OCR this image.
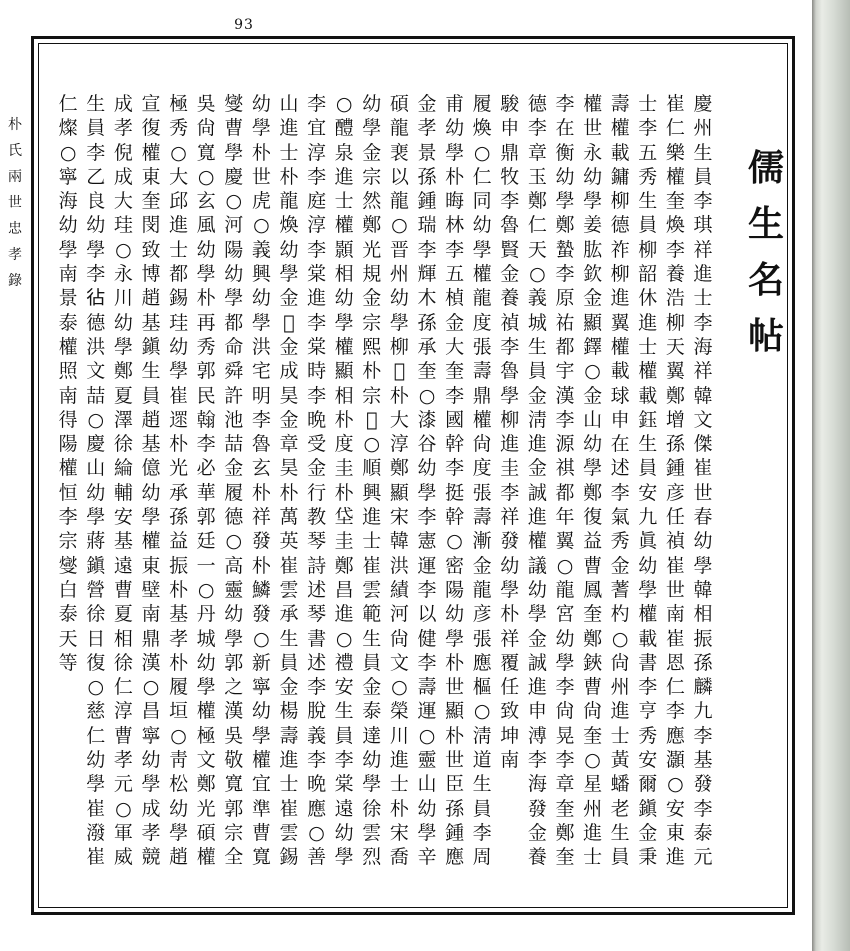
93
朴
氏
兩
世
忠
孝
錄
儒
生
名
帖
慶
州
生
員
李
琪
祥
進
士
李
海
祥
韓
文
傑
崔
世
春
幼
學
韓
相
振
孫
麟
九
李
基
發
李
泰
元
崔
仁
樂
權
奎
煥
李
養
浩
柳
天
翼
鄭
增
孫
鍾
彦
任
禎
崔
世
南
崔
恩
仁
李
應
灝
○
安
東
進
士
李
五
秀
生
員
柳
韶
休
進
士
權
載
鈺
生
員
安
九
眞
幼
學
權
載
書
李
亨
秀
安
爾
鎭
金
秉
壽
權
載
鏞
柳
德
祚
柳
進
翼
權
載
球
申
在
述
李
氣
秀
金
蓍
杓
○
尙
州
進
士
黃
蟠
老
生
員
權
世
永
幼
學
姜
肱
欽
金
顯
鐸
○
金
山
幼
學
鄭
復
益
曹
鳳
奎
鄭
鋏
曹
尙
奎
○
星
州
進
士
李
在
衡
幼
學
鄭
蟄
李
原
祐
都
宇
漢
李
源
祺
都
年
翼
○
龍
宮
幼
學
李
尙
晃
李
章
奎
鄭
奎
德
李
章
玉
鄭
仁
天
○
義
城
生
員
金
淸
進
金
誠
進
權
議
幼
學
金
誠
進
申
溥
李
海
發
金
養
駿
申
鼎
牧
李
魯
賢
金
養
禎
李
魯
學
柳
進
圭
李
祥
發
幼
學
朴
祥
覆
任
致
坤
南
履
煥
○
仁
同
幼
學
權
龍
度
張
壽
鼎
權
尙
度
張
壽
漸
金
龍
彦
張
應
樞
○
淸
道
生
員
李
周
甫
幼
學
朴
晦
林
李
五
楨
金
大
奎
李
國
幹
李
挺
幹
○
密
陽
幼
學
朴
世
顯
朴
世
臣
孫
鍾
應
金
孝
景
孫
鍾
瑞
李
輝
木
孫
承
奎
○
漆
谷
幼
學
李
憲
運
李
以
健
李
壽
運
○
靈
山
幼
學
辛
碩
龍
裵
以
龍
○
晋
州
幼
學
柳
𡊠
朴
大
淳
鄭
顯
宋
韓
洪
績
河
尙
文
○
榮
川
進
士
朴
宋
喬
幼
學
金
宗
然
鄭
光
規
金
宗
熙
朴
宗
𡊠
○
順
興
進
士
崔
雲
範
生
員
金
泰
達
幼
學
徐
雲
烈
○
醴
泉
進
士
權
顥
相
幼
學
權
顯
相
朴
度
圭
朴
垈
圭
鄭
昌
進
○
禮
安
生
員
李
棠
遠
幼
學
李
宜
淳
李
庭
淳
李
棠
進
李
棠
時
李
晩
受
金
行
教
琴
詩
述
琴
書
述
李
脫
義
李
晩
應
○
善
山
進
士
朴
龍
煥
幼
學
金
𡊠
金
成
昊
金
章
昊
朴
萬
英
崔
雲
承
生
員
金
楊
壽
進
士
崔
雲
錫
幼
學
朴
世
虎
○
義
興
幼
學
洪
宅
明
李
魯
玄
朴
祥
發
朴
鱗
發
○
新
寧
幼
學
權
宜
準
曹
寬
燮
曹
學
慶
○
河
陽
幼
學
都
命
舜
許
池
喆
金
履
德
○
高
靈
幼
學
郭
之
漢
吳
敬
寬
郭
宗
全
吳
尙
寬
○
玄
風
幼
學
朴
再
秀
郭
民
翰
李
必
華
郭
廷
一
○
丹
城
幼
學
權
極
文
鄭
光
碩
權
極
秀
○
大
邱
進
士
都
錫
珪
幼
學
崔
遝
朴
光
承
孫
益
振
朴
基
孝
朴
履
垣
○
靑
松
幼
學
趙
宣
復
權
東
奎
閔
致
博
趙
基
鎭
生
員
趙
基
億
幼
學
權
東
壁
南
鼎
漢
○
昌
寧
幼
學
成
孝
競
成
孝
倪
成
大
珪
○
永
川
幼
學
鄭
夏
澤
徐
綸
輔
安
基
遠
曹
夏
相
徐
仁
淳
曹
孝
元
○
軍
威
生
員
李
乙
良
幼
學
李
𢓕
德
洪
文
喆
○
慶
山
幼
學
蔣
鎭
營
徐
日
復
○
慈
仁
幼
學
崔
潑
崔
仁
燦
○
寧
海
幼
學
南
景
泰
權
照
南
得
陽
權
恒
李
宗
燮
白
泰
天
等
